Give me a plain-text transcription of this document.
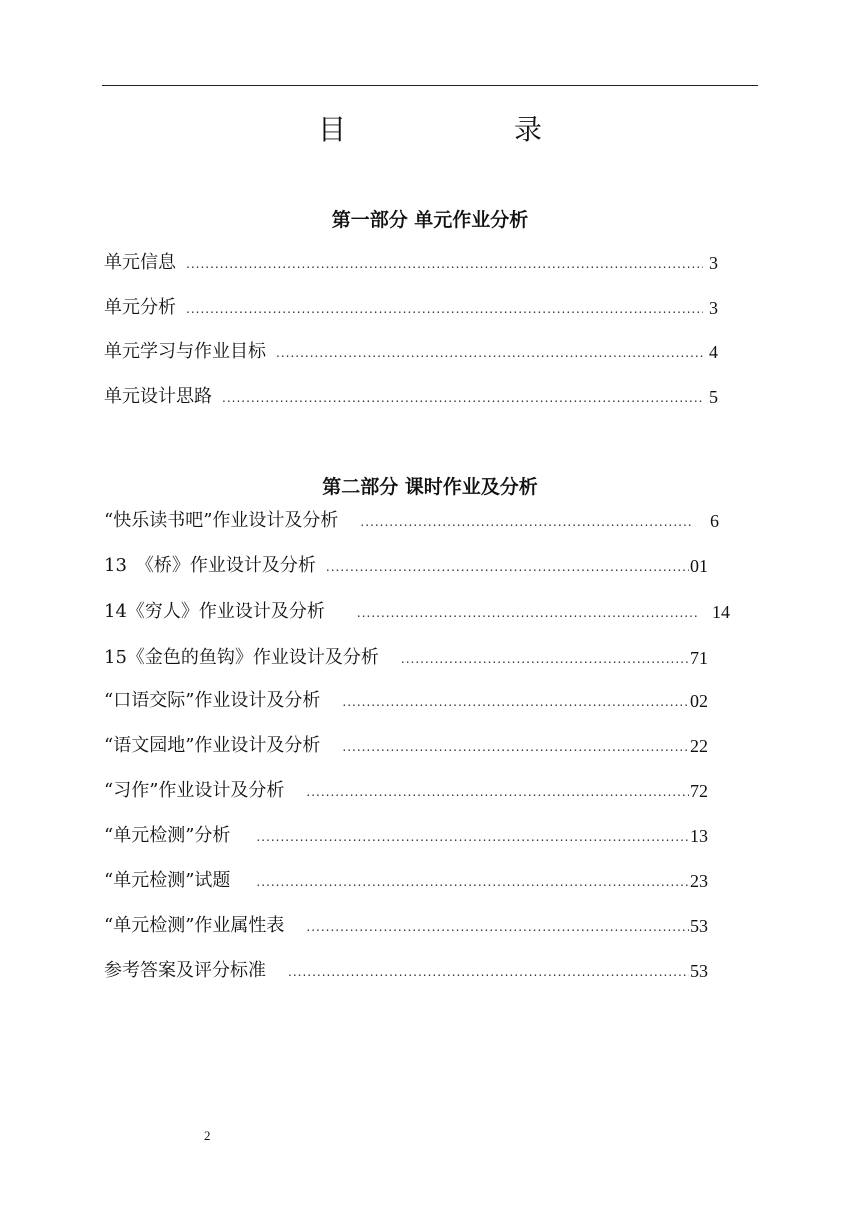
目　录
第一部分 单元作业分析
单元信息 .....	3
单元分析 .....	3
单元学习与作业目标 .....	4
单元设计思路 .....	5
第二部分 课时作业及分析
“快乐读书吧”作业设计及分析 .....	6
13　《桥》作业设计及分析 .....	01
14《穷人》作业设计及分析 .....	14
15《金色的鱼钩》作业设计及分析 .....	71
“口语交际”作业设计及分析 .....	02
“语文园地”作业设计及分析 .....	22
“习作”作业设计及分析 .....	72
“单元检测”分析 .....	13
“单元检测”试题 .....	23
“单元检测”作业属性表 .....	53
参考答案及评分标准 .....	53
2
